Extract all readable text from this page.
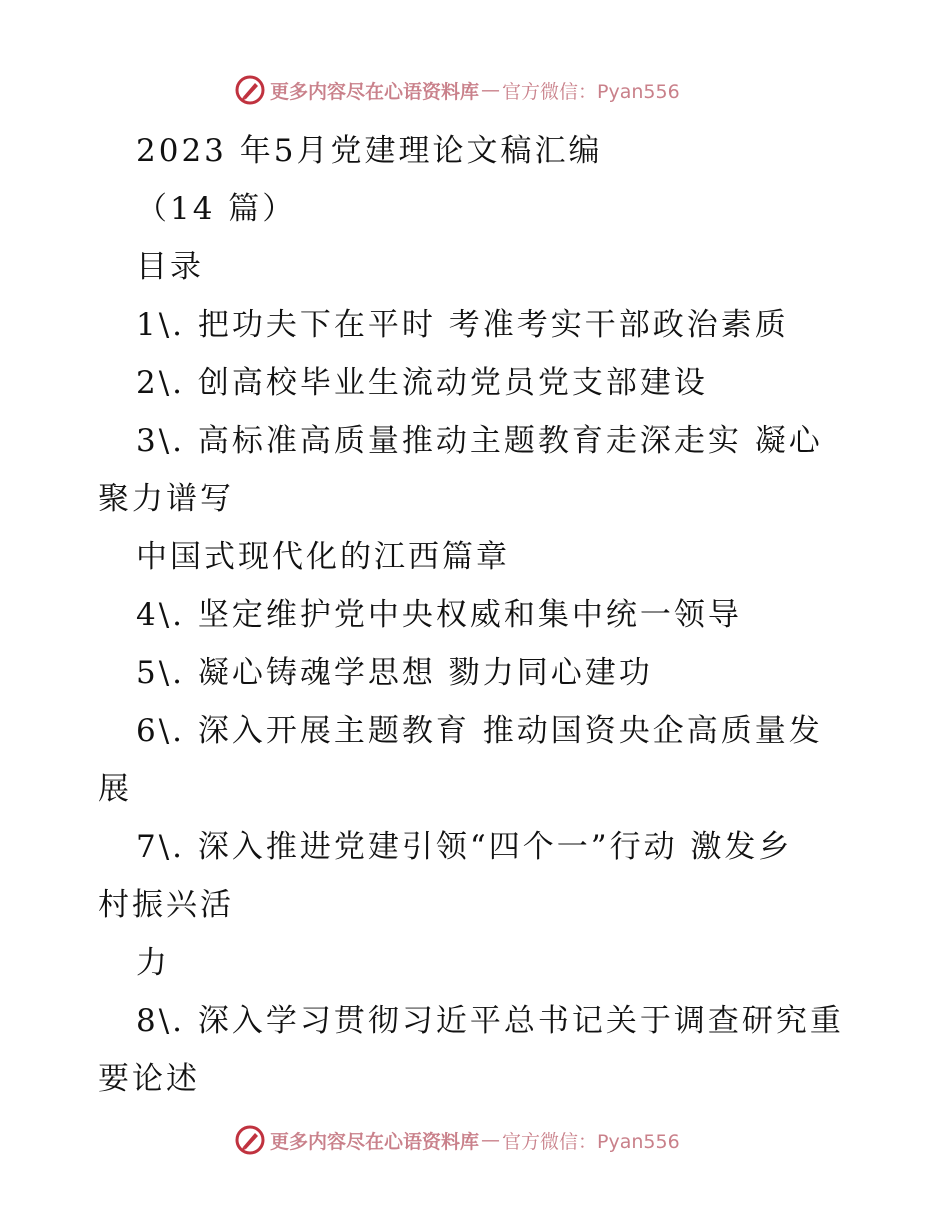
更多内容尽在心语资料库 — 官方微信：Pyan556
2023 年5月党建理论文稿汇编
（14 篇）
目录
1\. 把功夫下在平时 考准考实干部政治素质
2\. 创高校毕业生流动党员党支部建设
3\. 高标准高质量推动主题教育走深走实 凝心
聚力谱写
中国式现代化的江西篇章
4\. 坚定维护党中央权威和集中统一领导
5\. 凝心铸魂学思想 勠力同心建功
6\. 深入开展主题教育 推动国资央企高质量发
展
7\. 深入推进党建引领“四个一”行动 激发乡
村振兴活
力
8\. 深入学习贯彻习近平总书记关于调查研究重
要论述
更多内容尽在心语资料库 — 官方微信：Pyan556
